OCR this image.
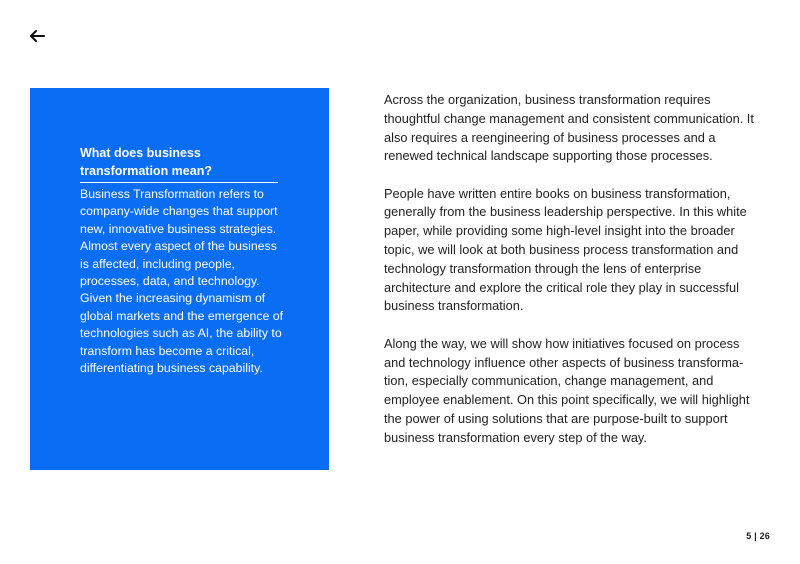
What does business transformation mean?

Business Transformation refers to company-wide changes that support new, innovative business strategies. Almost every aspect of the business is affected, including people, processes, data, and technology. Given the increasing dynamism of global markets and the emergence of technologies such as AI, the ability to transform has become a critical, differentiating business capability.

Across the organization, business transformation requires thoughtful change management and consistent communication. It also requires a reengineering of business processes and a renewed technical landscape supporting those processes.

People have written entire books on business transformation, generally from the business leadership perspective. In this white paper, while providing some high-level insight into the broader topic, we will look at both business process transformation and technology transformation through the lens of enterprise architecture and explore the critical role they play in successful business transformation.

Along the way, we will show how initiatives focused on process and technology influence other aspects of business transforma-tion, especially communication, change management, and employee enablement. On this point specifically, we will highlight the power of using solutions that are purpose-built to support business transformation every step of the way.

5 | 26
